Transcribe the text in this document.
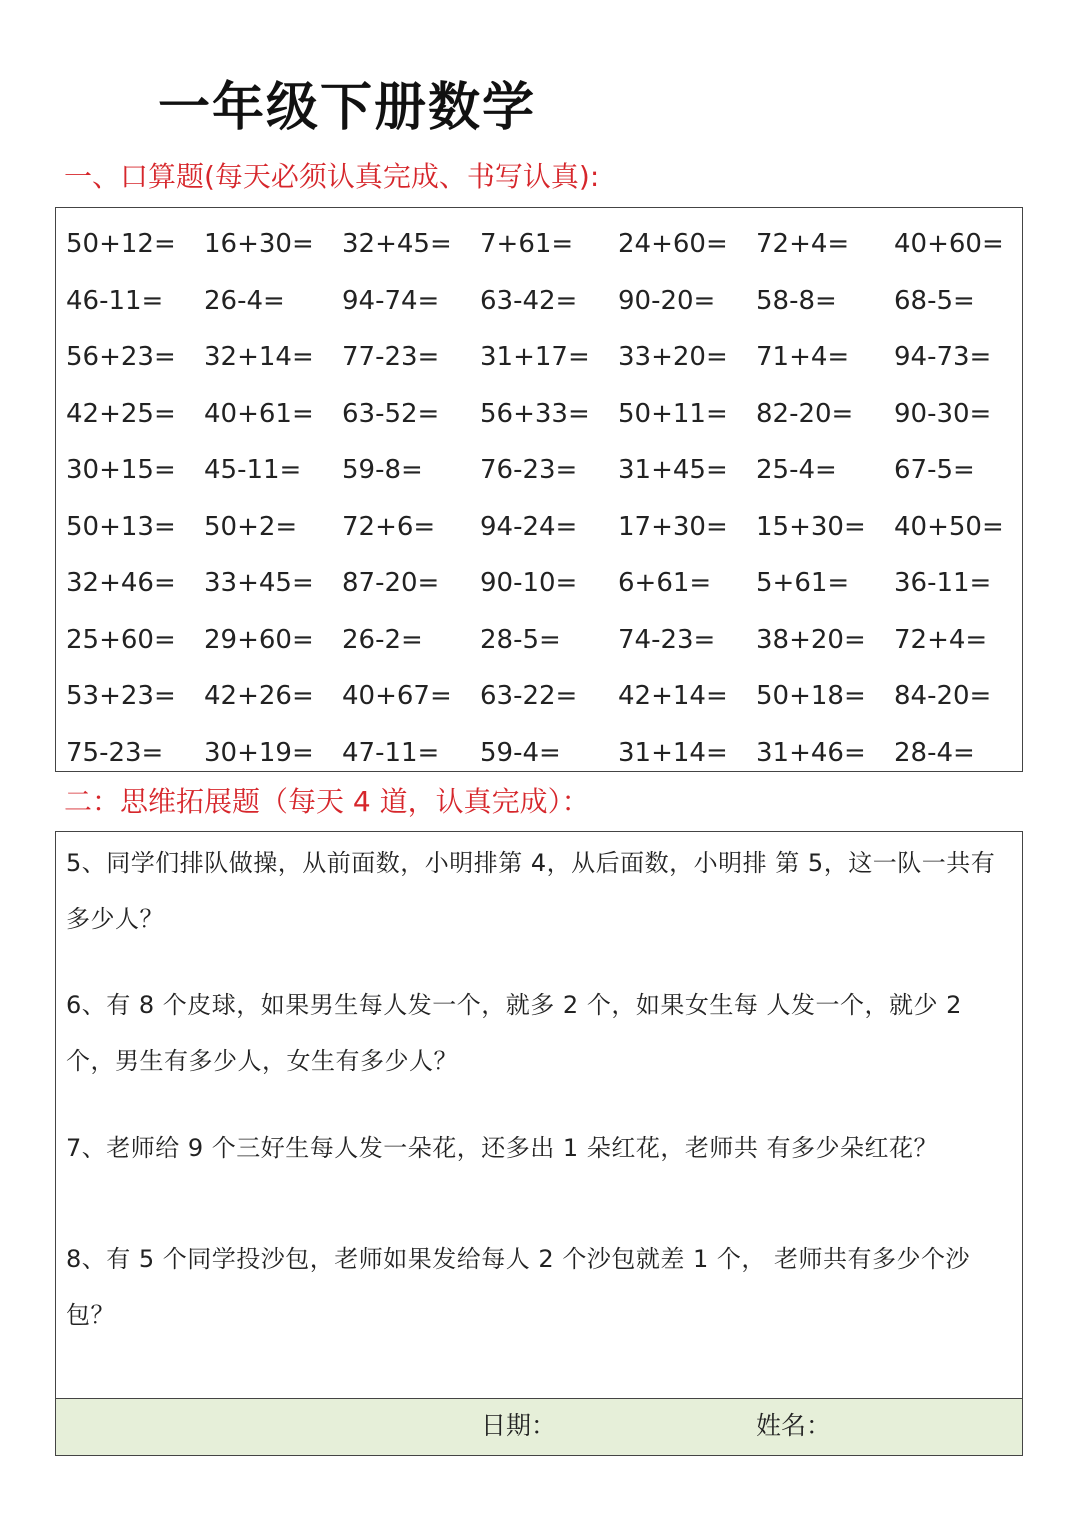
一年级下册数学
一、口算题(每天必须认真完成、书写认真):
50+12=	16+30=	32+45=	7+61=	24+60=	72+4=	40+60=
46-11=	26-4=	94-74=	63-42=	90-20=	58-8=	68-5=
56+23=	32+14=	77-23=	31+17=	33+20=	71+4=	94-73=
42+25=	40+61=	63-52=	56+33=	50+11=	82-20=	90-30=
30+15=	45-11=	59-8=	76-23=	31+45=	25-4=	67-5=
50+13=	50+2=	72+6=	94-24=	17+30=	15+30=	40+50=
32+46=	33+45=	87-20=	90-10=	6+61=	5+61=	36-11=
25+60=	29+60=	26-2=	28-5=	74-23=	38+20=	72+4=
53+23=	42+26=	40+67=	63-22=	42+14=	50+18=	84-20=
75-23=	30+19=	47-11=	59-4=	31+14=	31+46=	28-4=
二：思维拓展题（每天 4 道，认真完成）：
5、同学们排队做操，从前面数，小明排第 4，从后面数，小明排 第 5，这一队一共有多少人？
6、有 8 个皮球，如果男生每人发一个，就多 2 个，如果女生每 人发一个，就少 2 个，男生有多少人，女生有多少人？
7、老师给 9 个三好生每人发一朵花，还多出 1 朵红花，老师共 有多少朵红花？
8、有 5 个同学投沙包，老师如果发给每人 2 个沙包就差 1 个， 老师共有多少个沙包？
日期：	姓名：
